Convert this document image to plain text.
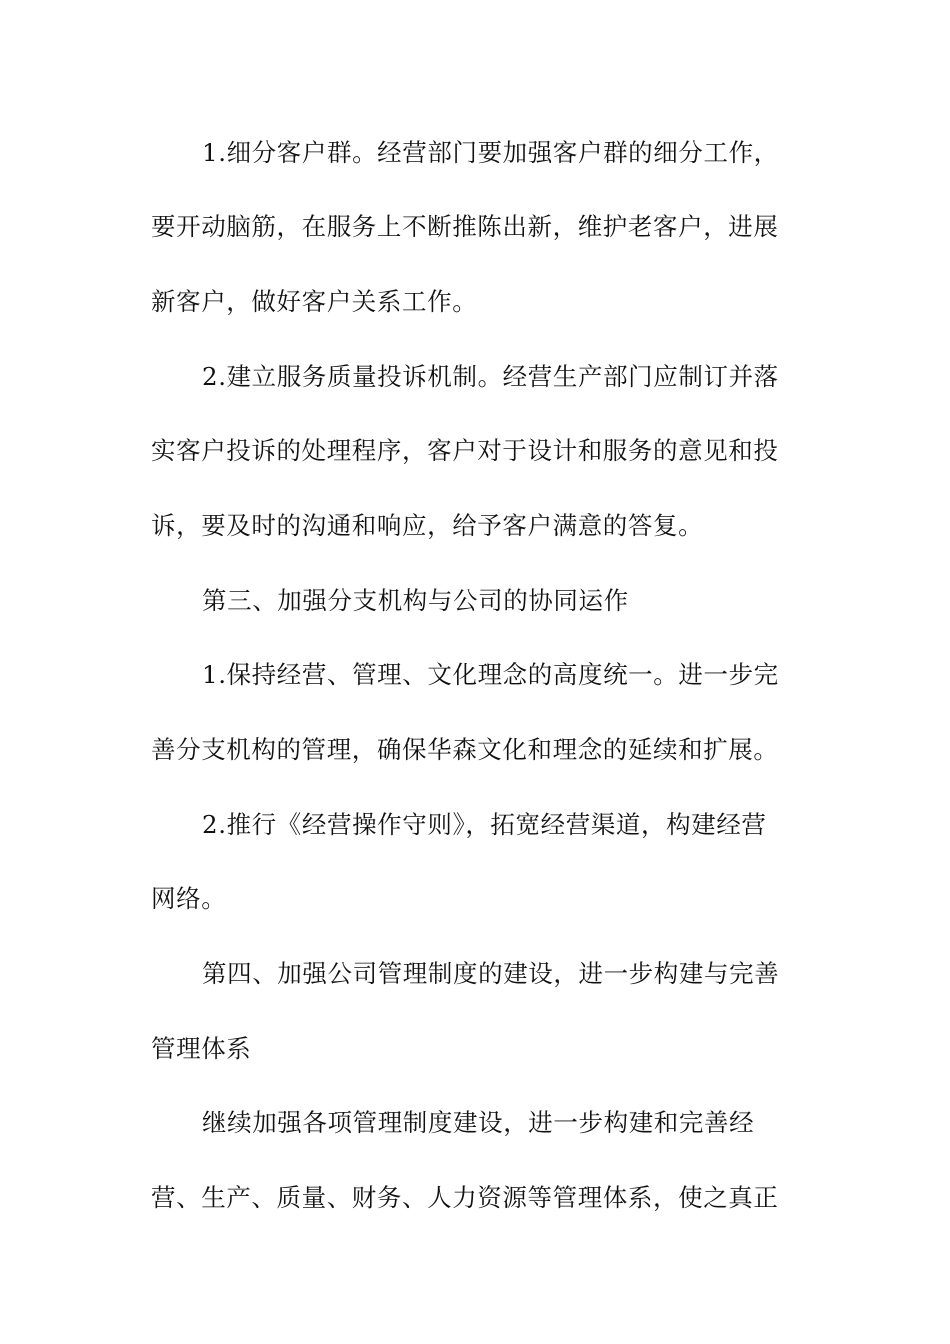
1.细分客户群。经营部门要加强客户群的细分工作，
要开动脑筋，在服务上不断推陈出新，维护老客户，进展
新客户，做好客户关系工作。
2.建立服务质量投诉机制。经营生产部门应制订并落
实客户投诉的处理程序，客户对于设计和服务的意见和投
诉，要及时的沟通和响应，给予客户满意的答复。
第三、加强分支机构与公司的协同运作
1.保持经营、管理、文化理念的高度统一。进一步完
善分支机构的管理，确保华森文化和理念的延续和扩展。
2.推行《经营操作守则》，拓宽经营渠道，构建经营
网络。
第四、加强公司管理制度的建设，进一步构建与完善
管理体系
继续加强各项管理制度建设，进一步构建和完善经
营、生产、质量、财务、人力资源等管理体系，使之真正
